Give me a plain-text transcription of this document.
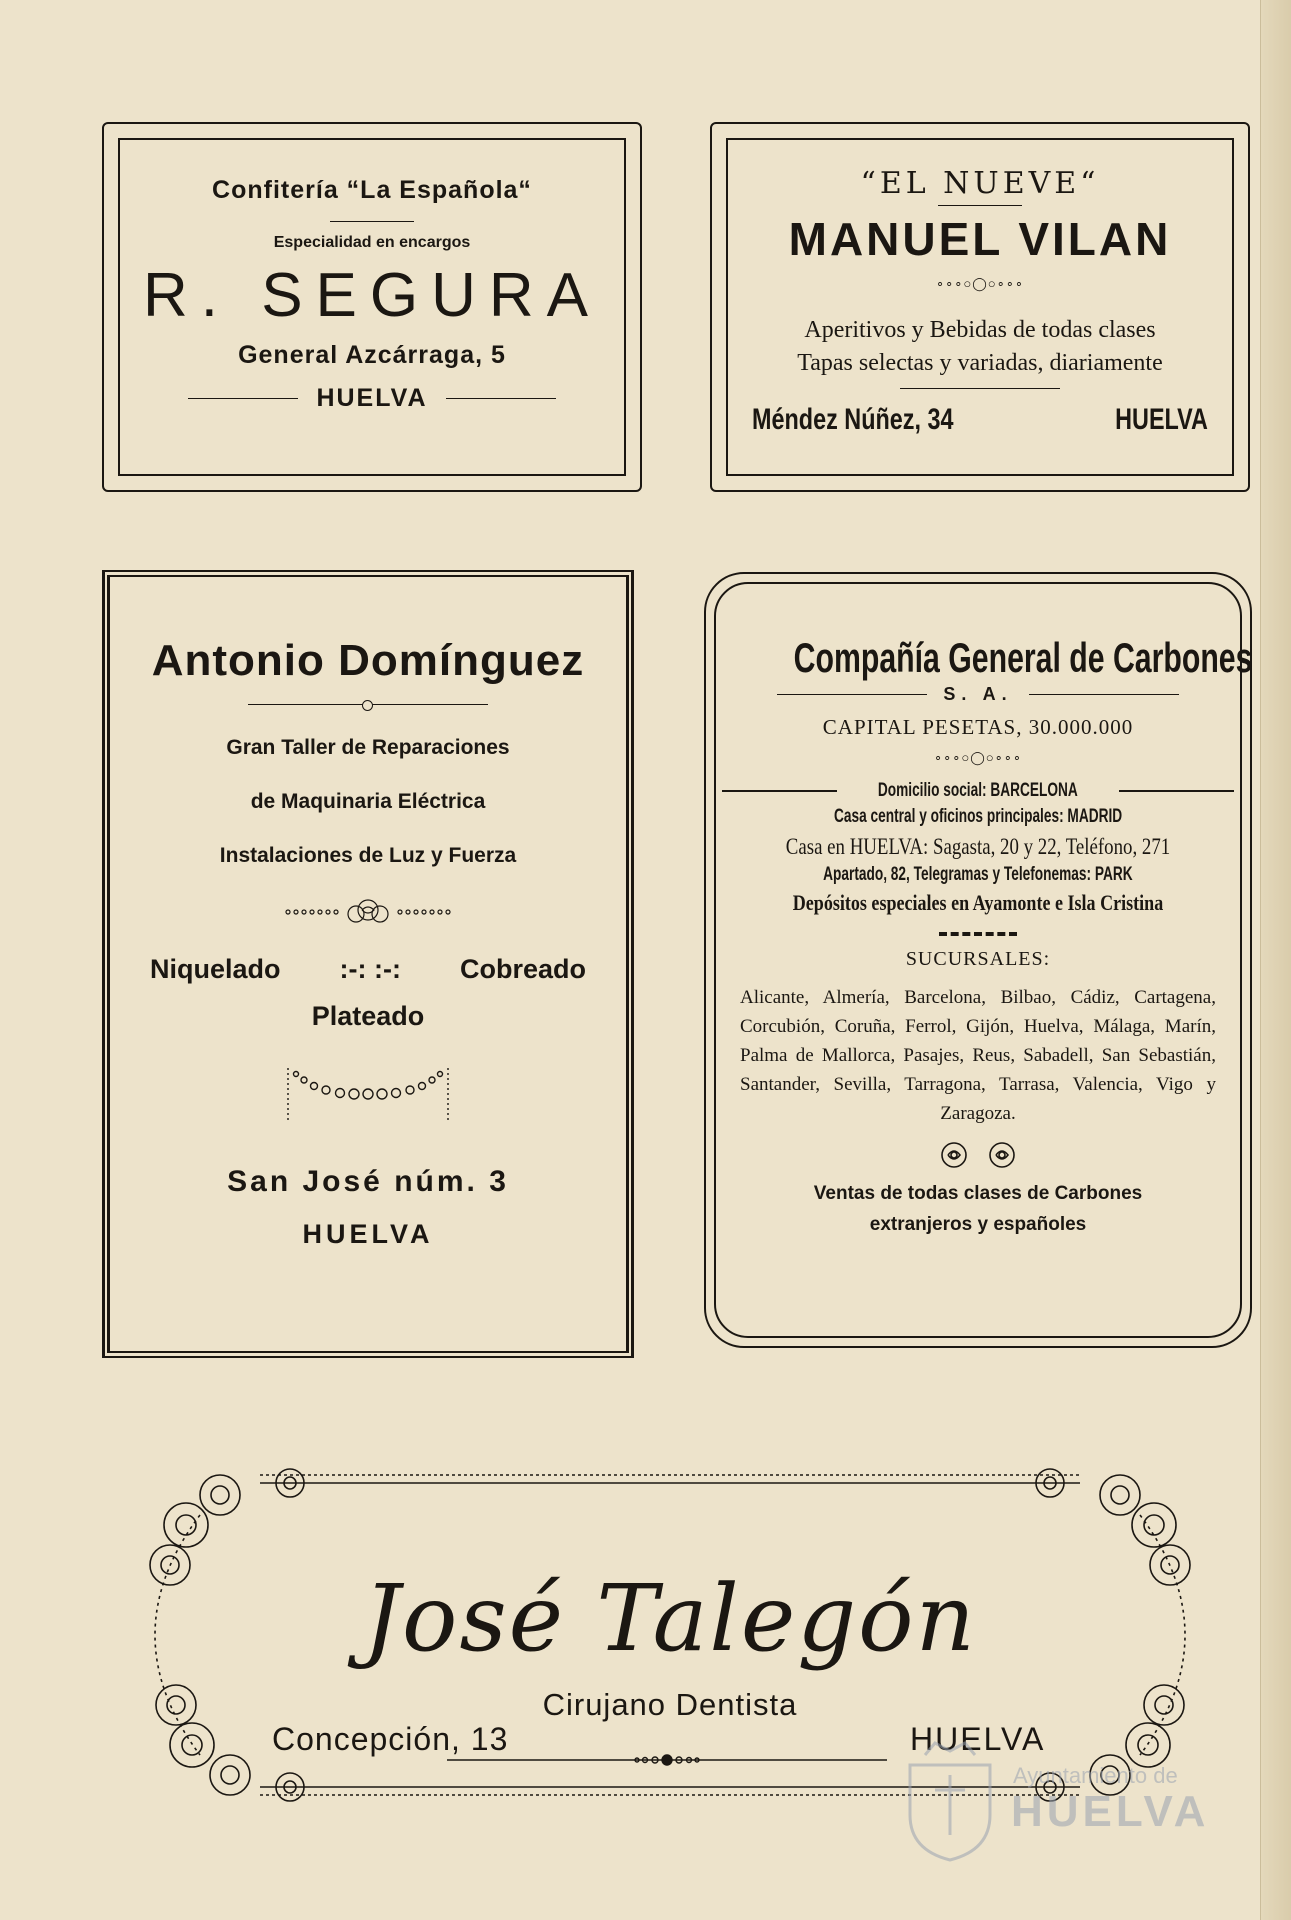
Confitería “La Española“
Especialidad en encargos
R. SEGURA
General Azcárraga, 5
HUELVA
“EL NUEVE“
MANUEL VILAN
∘∘∘○◯○∘∘∘
Aperitivos y Bebidas de todas clases
Tapas selectas y variadas, diariamente
Méndez Núñez, 34	HUELVA
Antonio Domínguez
Gran Taller de Reparaciones
de Maquinaria Eléctrica
Instalaciones de Luz y Fuerza
Niquelado :-: :-: Cobreado
Plateado
San José núm. 3
HUELVA
Compañía General de Carbones
S. A.
CAPITAL PESETAS, 30.000.000
∘∘∘○◯○∘∘∘
Domicilio social: BARCELONA
Casa central y oficinos principales: MADRID
Casa en HUELVA: Sagasta, 20 y 22, Teléfono, 271
Apartado, 82, Telegramas y Telefonemas: PARK
Depósitos especiales en Ayamonte e Isla Cristina
SUCURSALES:
Alicante, Almería, Barcelona, Bilbao, Cádiz, Cartagena, Corcubión, Coruña, Ferrol, Gijón, Huelva, Málaga, Marín, Palma de Mallorca, Pasajes, Reus, Sabadell, San Sebastián, Santander, Sevilla, Tarragona, Tarrasa, Valencia, Vigo y Zaragoza.
Ventas de todas clases de Carbones
extranjeros y españoles
José Talegón
Cirujano Dentista
Concepción, 13	HUELVA
Ayuntamiento de
HUELVA
